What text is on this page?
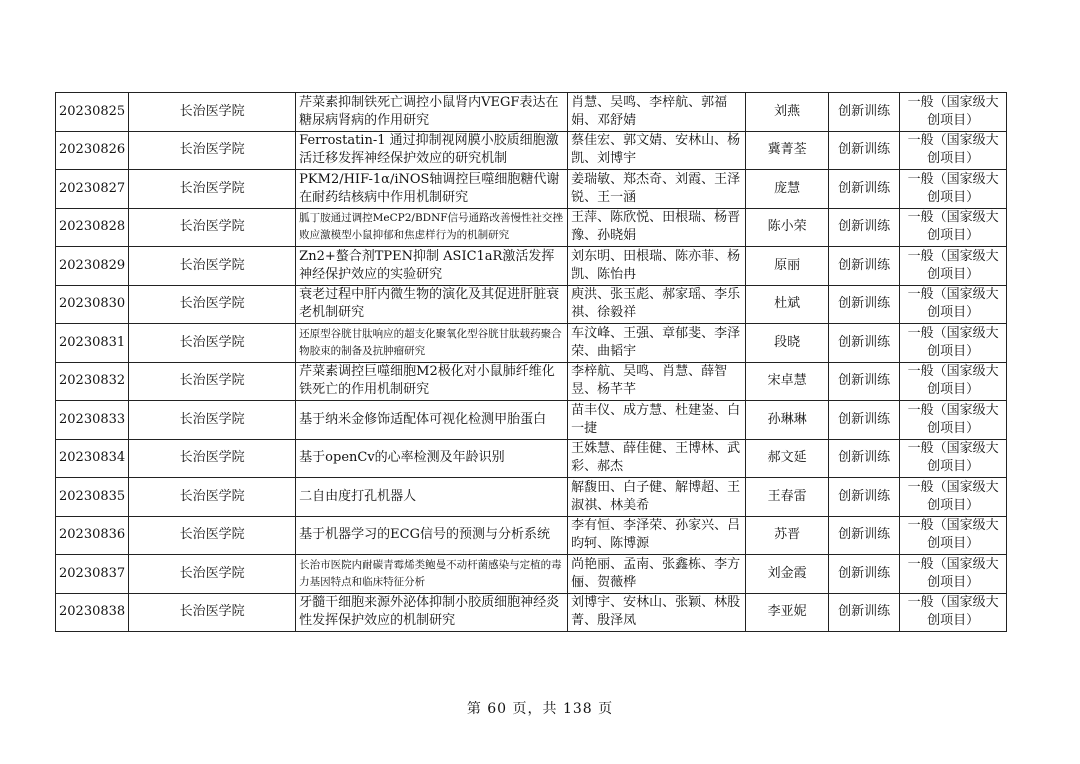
20230825	长治医学院	芹菜素抑制铁死亡调控小鼠肾内VEGF表达在糖尿病肾病的作用研究	肖慧、吴鸣、李梓航、郭福娟、邓舒婧	刘燕	创新训练	一般（国家级大创项目）
20230826	长治医学院	Ferrostatin-1 通过抑制视网膜小胶质细胞激活迁移发挥神经保护效应的研究机制	蔡佳宏、郭文婧、安林山、杨凯、刘博宇	冀菁荃	创新训练	一般（国家级大创项目）
20230827	长治医学院	PKM2/HIF-1α/iNOS轴调控巨噬细胞糖代谢在耐药结核病中作用机制研究	姜瑞敏、郑杰奇、刘霞、王泽锐、王一涵	庞慧	创新训练	一般（国家级大创项目）
20230828	长治医学院	胍丁胺通过调控MeCP2/BDNF信号通路改善慢性社交挫败应激模型小鼠抑郁和焦虑样行为的机制研究	王萍、陈欣悦、田根瑞、杨晋豫、孙晓娟	陈小荣	创新训练	一般（国家级大创项目）
20230829	长治医学院	Zn2+螯合剂TPEN抑制 ASIC1aR激活发挥神经保护效应的实验研究	刘东明、田根瑞、陈亦菲、杨凯、陈怡冉	原丽	创新训练	一般（国家级大创项目）
20230830	长治医学院	衰老过程中肝内微生物的演化及其促进肝脏衰老机制研究	庾洪、张玉彪、郝家瑶、李乐祺、徐毅祥	杜斌	创新训练	一般（国家级大创项目）
20230831	长治医学院	还原型谷胱甘肽响应的超支化聚氧化型谷胱甘肽载药聚合物胶束的制备及抗肿瘤研究	车汶峰、王强、章郁斐、李泽荣、曲韬宇	段晓	创新训练	一般（国家级大创项目）
20230832	长治医学院	芹菜素调控巨噬细胞M2极化对小鼠肺纤维化铁死亡的作用机制研究	李梓航、吴鸣、肖慧、薛智昱、杨芊芊	宋卓慧	创新训练	一般（国家级大创项目）
20230833	长治医学院	基于纳米金修饰适配体可视化检测甲胎蛋白	苗丰仪、成方慧、杜建崟、白一捷	孙琳琳	创新训练	一般（国家级大创项目）
20230834	长治医学院	基于openCv的心率检测及年龄识别	王姝慧、薛佳健、王博林、武彩、郝杰	郝文延	创新训练	一般（国家级大创项目）
20230835	长治医学院	二自由度打孔机器人	解馥田、白子健、解博超、王淑祺、林美希	王春雷	创新训练	一般（国家级大创项目）
20230836	长治医学院	基于机器学习的ECG信号的预测与分析系统	李有恒、李泽荣、孙家兴、吕昀轲、陈博源	苏晋	创新训练	一般（国家级大创项目）
20230837	长治医学院	长治市医院内耐碳青霉烯类鲍曼不动杆菌感染与定植的毒力基因特点和临床特征分析	尚艳丽、孟南、张鑫栋、李方俪、贺薇桦	刘金霞	创新训练	一般（国家级大创项目）
20230838	长治医学院	牙髓干细胞来源外泌体抑制小胶质细胞神经炎性发挥保护效应的机制研究	刘博宇、安林山、张颖、林股菁、殷泽凤	李亚妮	创新训练	一般（国家级大创项目）
第 60 页，共 138 页
